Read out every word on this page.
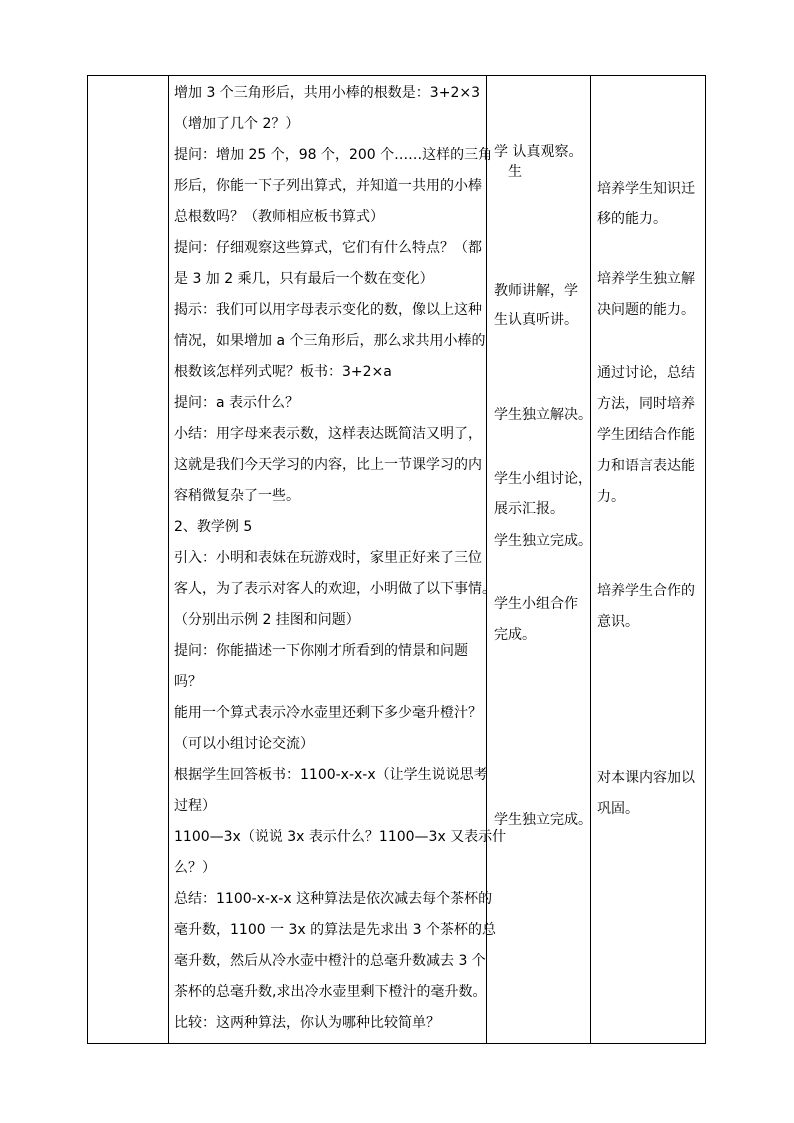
增加 3 个三角形后，共用小棒的根数是：3+2×3
（增加了几个 2？）
提问：增加 25 个，98 个，200 个……这样的三角
形后，你能一下子列出算式，并知道一共用的小棒
总根数吗？（教师相应板书算式）
提问：仔细观察这些算式，它们有什么特点？（都
是 3 加 2 乘几，只有最后一个数在变化）
揭示：我们可以用字母表示变化的数，像以上这种
情况，如果增加 a 个三角形后，那么求共用小棒的
根数该怎样列式呢？板书：3+2×a
提问：a 表示什么？
小结：用字母来表示数，这样表达既简洁又明了，
这就是我们今天学习的内容，比上一节课学习的内
容稍微复杂了一些。
2、教学例 5
引入：小明和表妹在玩游戏时，家里正好来了三位
客人，为了表示对客人的欢迎，小明做了以下事情。
（分别出示例 2 挂图和问题）
提问：你能描述一下你刚才所看到的情景和问题
吗？
能用一个算式表示冷水壶里还剩下多少毫升橙汁？
（可以小组讨论交流）
根据学生回答板书：1100-x-x-x（让学生说说思考
过程）
1100—3x（说说 3x 表示什么？1100—3x 又表示什
么？）
总结：1100-x-x-x 这种算法是依次减去每个茶杯的
毫升数，1100 一 3x 的算法是先求出 3 个茶杯的总
毫升数，然后从冷水壶中橙汁的总毫升数减去 3 个
茶杯的总毫升数,求出冷水壶里剩下橙汁的毫升数。
比较：这两种算法，你认为哪种比较简单？
学 认真观察。
生
教师讲解，学
生认真听讲。
学生独立解决。
学生小组讨论，
展示汇报。
学生独立完成。
学生小组合作
完成。
学生独立完成。
培养学生知识迁
移的能力。
培养学生独立解
决问题的能力。
通过讨论，总结
方法，同时培养
学生团结合作能
力和语言表达能
力。
培养学生合作的
意识。
对本课内容加以
巩固。
